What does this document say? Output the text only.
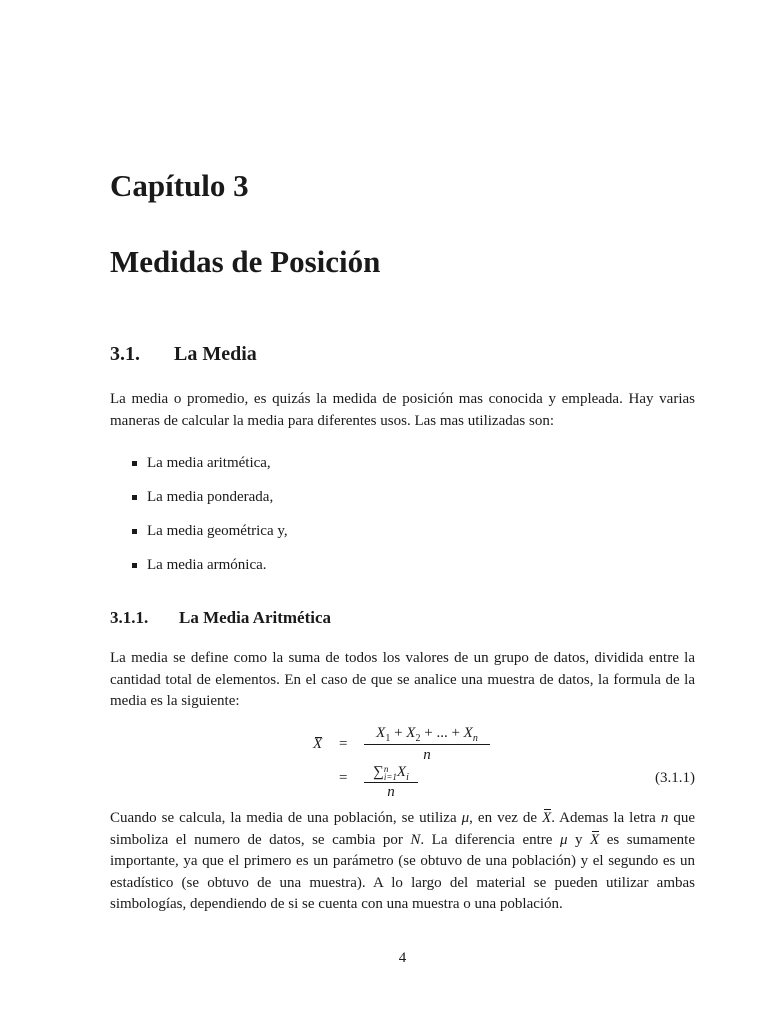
Capítulo 3
Medidas de Posición
3.1. La Media

La media o promedio, es quizás la medida de posición mas conocida y empleada. Hay varias maneras de calcular la media para diferentes usos. Las mas utilizadas son:

La media aritmética,
La media ponderada,
La media geométrica y,
La media armónica.
3.1.1. La Media Aritmética

La media se define como la suma de todos los valores de un grupo de datos, dividida entre la cantidad total de elementos. En el caso de que se analice una muestra de datos, la formula de la media es la siguiente:

$X = \frac{X_1 + X_2 + ... + X_n}{n}$
= ∑ n
i=1 $X_i$
n	(3.1.1)

Cuando se calcula, la media de una población, se utiliza μ, en vez de X. Ademas la letra n que simboliza el numero de datos, se cambia por N. La diferencia entre μ y X es sumamente importante, ya que el primero es un parámetro (se obtuvo de una población) y el segundo es un estadístico (se obtuvo de una muestra). A lo largo del material se pueden utilizar ambas simbologías, dependiendo de si se cuenta con una muestra o una población.

4
